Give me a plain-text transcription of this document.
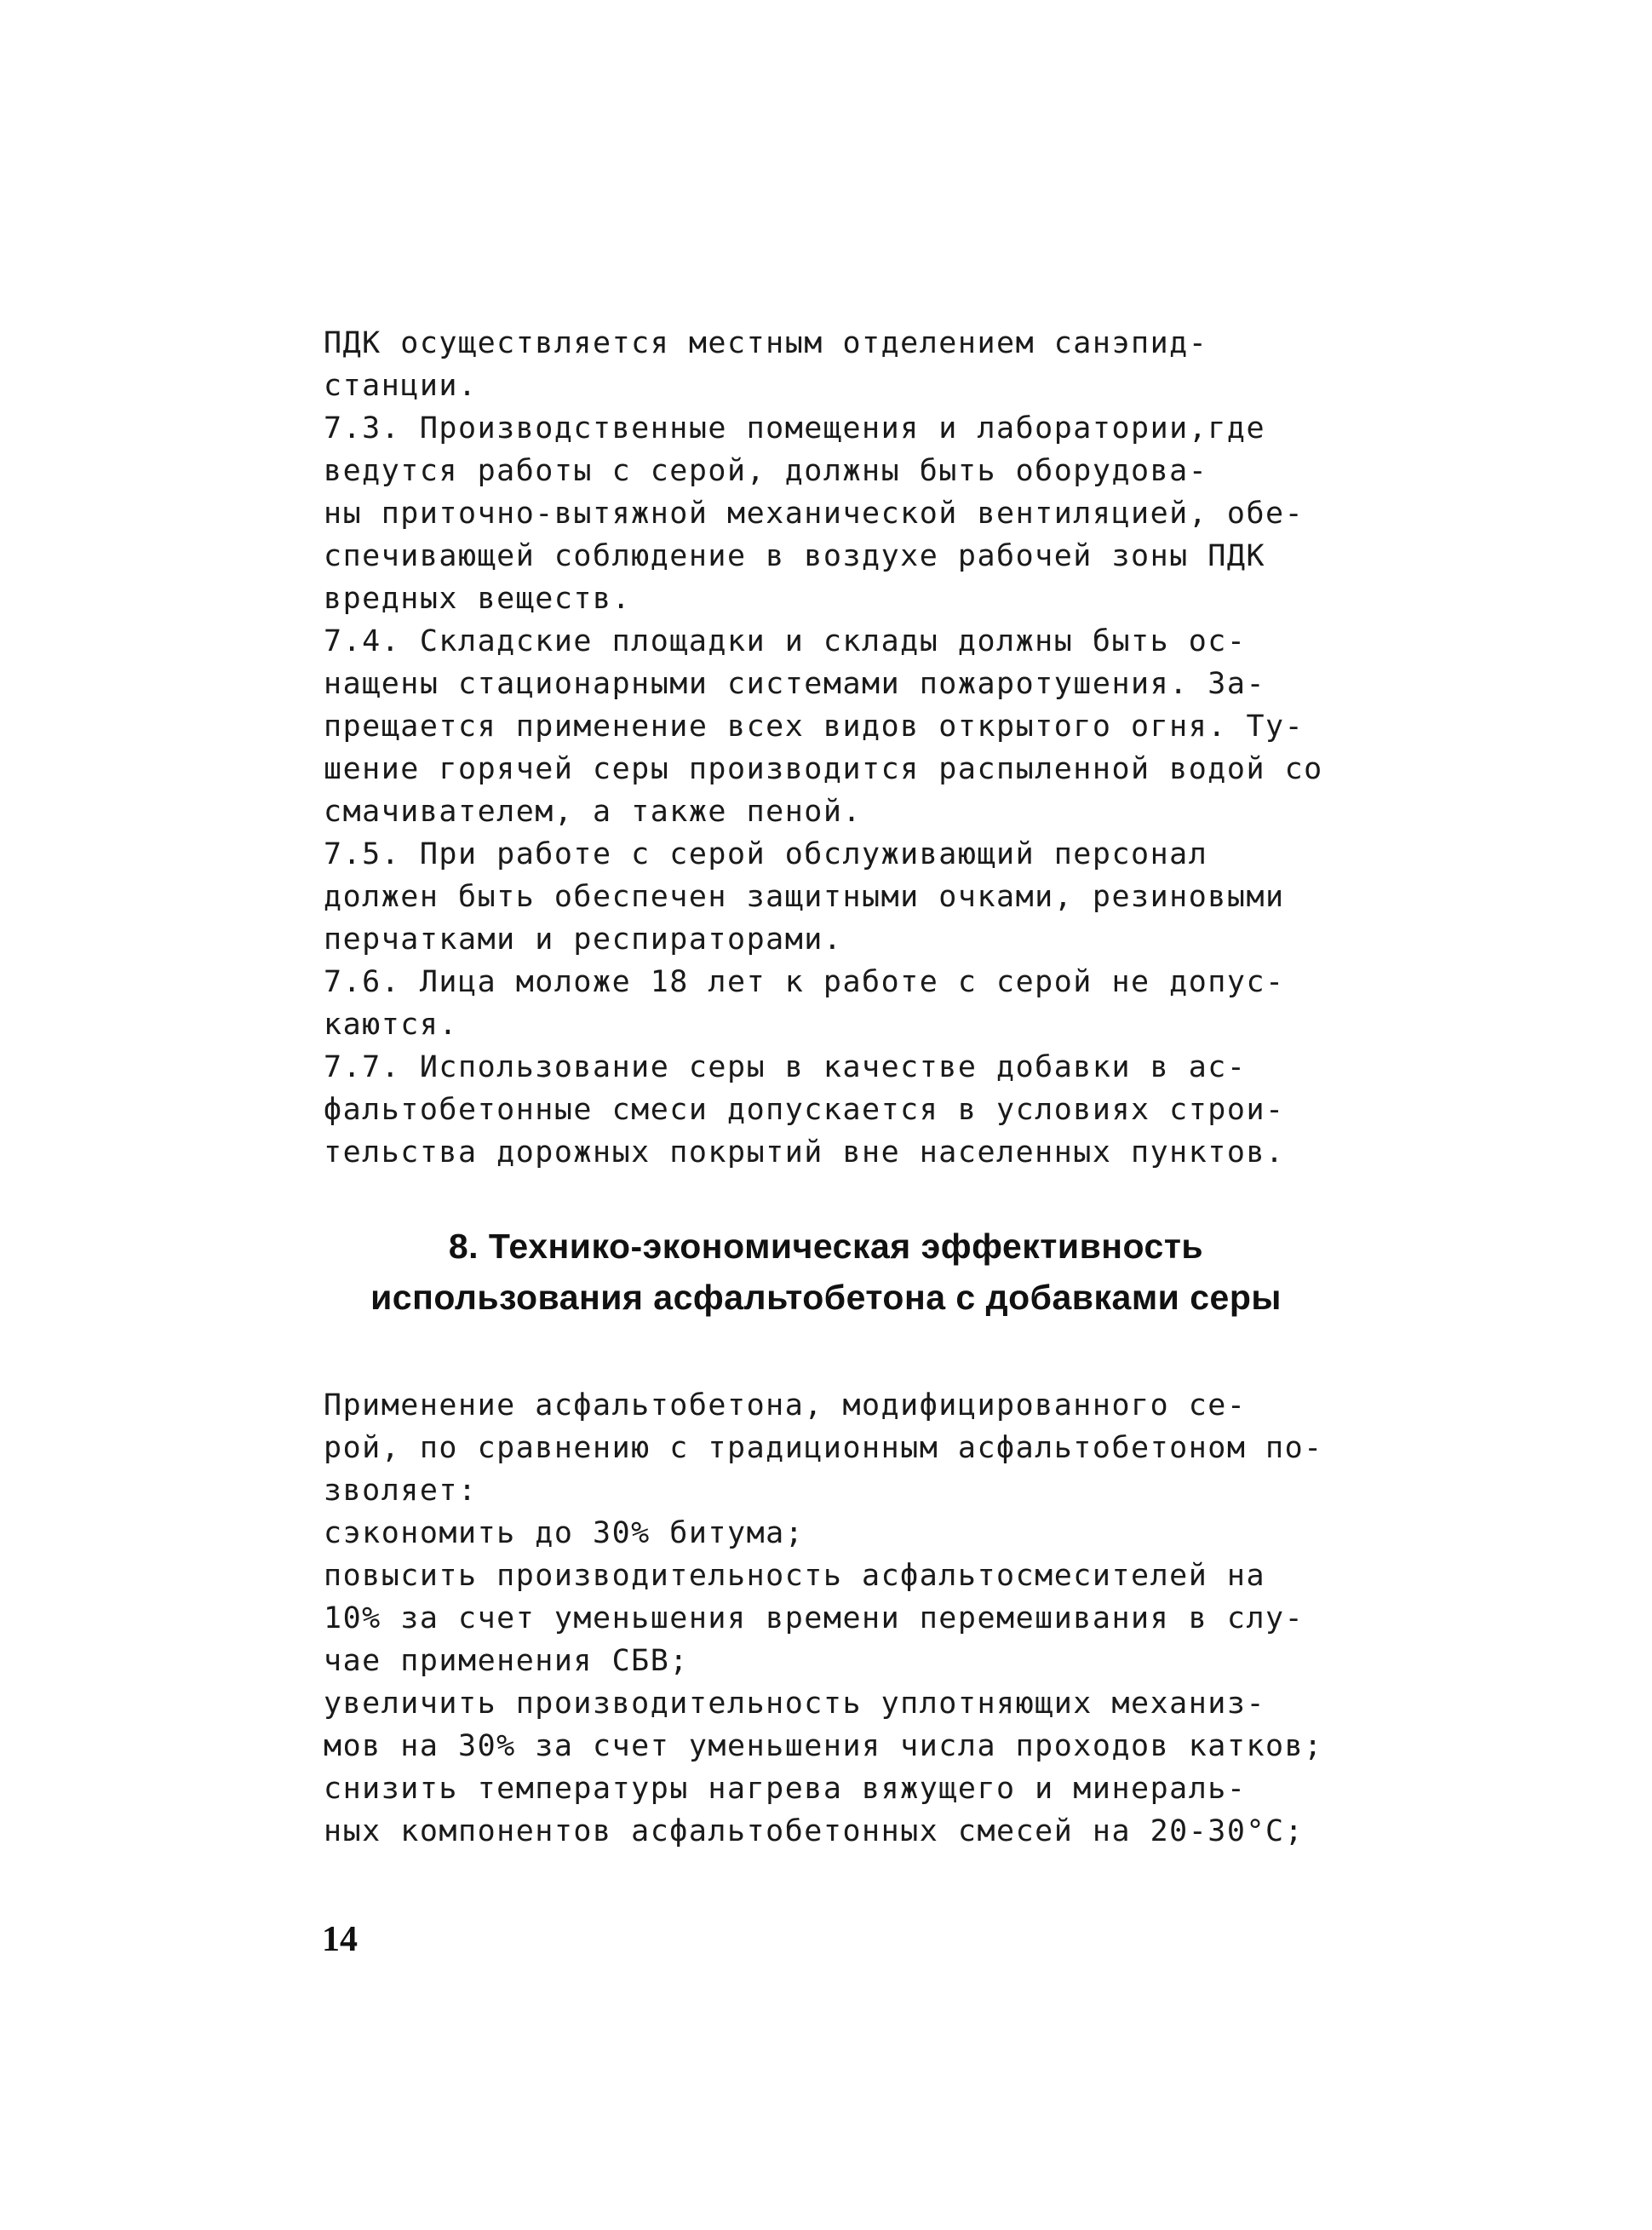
ПДК осуществляется местным отделением санэпид-
станции.
7.3. Производственные помещения и лаборатории,где
ведутся работы с серой, должны быть оборудова-
ны приточно-вытяжной механической вентиляцией, обе-
спечивающей соблюдение в воздухе рабочей зоны ПДК
вредных веществ.
7.4. Складские площадки и склады должны быть ос-
нащены стационарными системами пожаротушения. За-
прещается применение всех видов открытого огня. Ту-
шение горячей серы производится распыленной водой со
смачивателем, а также пеной.
7.5. При работе с серой обслуживающий персонал
должен быть обеспечен защитными очками, резиновыми
перчатками и респираторами.
7.6. Лица моложе 18 лет к работе с серой не допус-
каются.
7.7. Использование серы в качестве добавки в ас-
фальтобетонные смеси допускается в условиях строи-
тельства дорожных покрытий вне населенных пунктов.
8. Технико-экономическая эффективность
использования асфальтобетона с добавками серы
Применение асфальтобетона, модифицированного се-
рой, по сравнению с традиционным асфальтобетоном по-
зволяет:
сэкономить до 30% битума;
повысить производительность асфальтосмесителей на
10% за счет уменьшения времени перемешивания в слу-
чае применения СБВ;
увеличить производительность уплотняющих механиз-
мов на 30% за счет уменьшения числа проходов катков;
снизить температуры нагрева вяжущего и минераль-
ных компонентов асфальтобетонных смесей на 20-30°С;
14
